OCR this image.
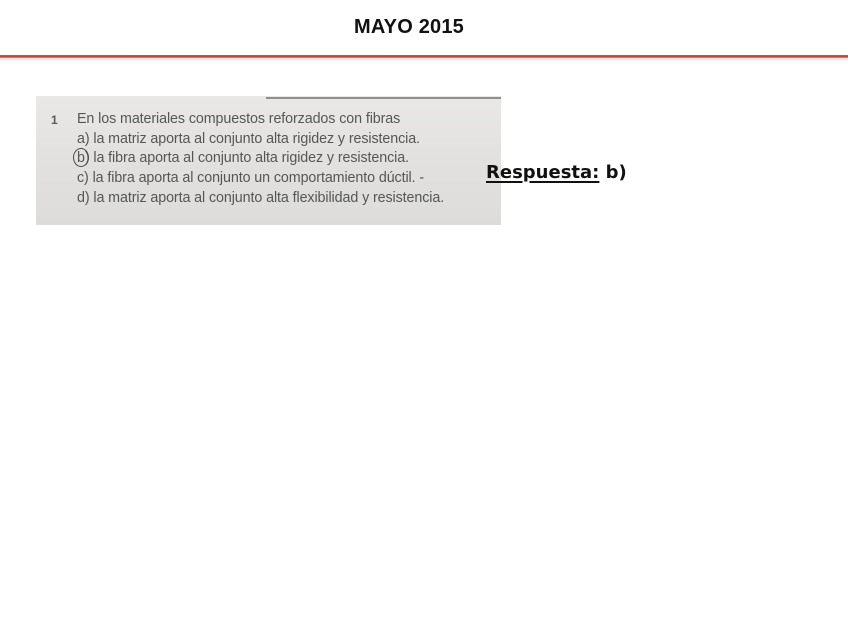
MAYO 2015
1 En los materiales compuestos reforzados con fibras
a) la matriz aporta al conjunto alta rigidez y resistencia.
b) la fibra aporta al conjunto alta rigidez y resistencia.
c) la fibra aporta al conjunto un comportamiento dúctil. -
d) la matriz aporta al conjunto alta flexibilidad y resistencia.
Respuesta: b)
